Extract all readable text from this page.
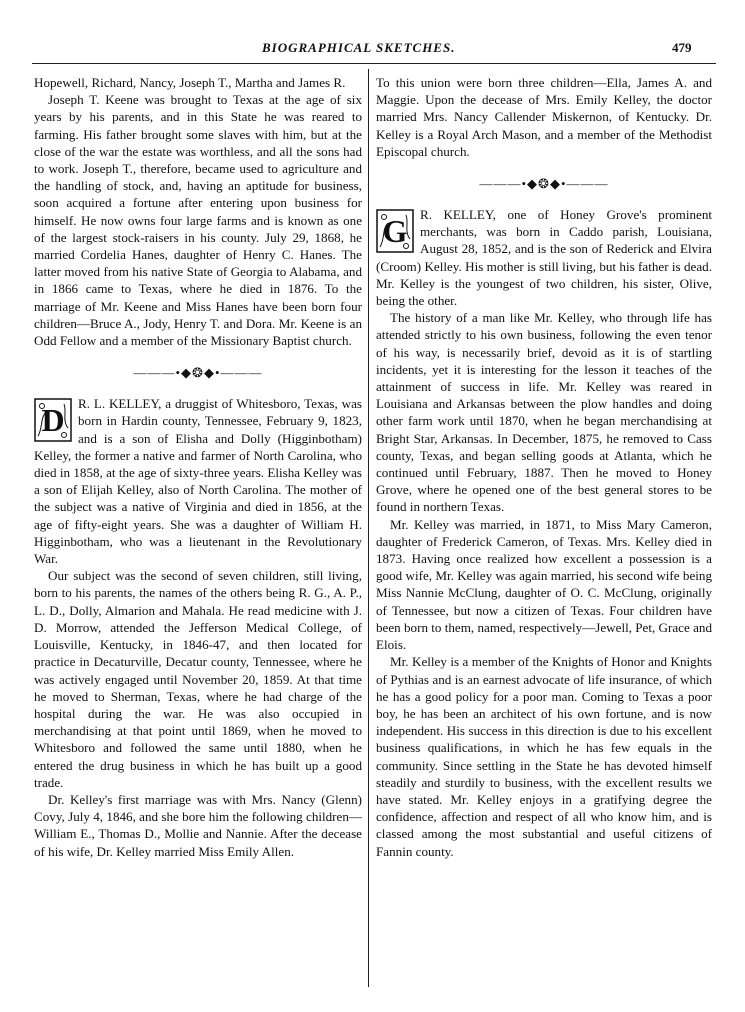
BIOGRAPHICAL SKETCHES.	479

Hopewell, Richard, Nancy, Joseph T., Martha and James R.

Joseph T. Keene was brought to Texas at the age of six years by his parents, and in this State he was reared to farming. His father brought some slaves with him, but at the close of the war the estate was worthless, and all the sons had to work. Joseph T., therefore, became used to agriculture and the handling of stock, and, having an aptitude for business, soon acquired a fortune after entering upon business for himself. He now owns four large farms and is known as one of the largest stock-raisers in his county. July 29, 1868, he married Cordelia Hanes, daughter of Henry C. Hanes. The latter moved from his native State of Georgia to Alabama, and in 1866 came to Texas, where he died in 1876. To the marriage of Mr. Keene and Miss Hanes have been born four children—Bruce A., Jody, Henry T. and Dora. Mr. Keene is an Odd Fellow and a member of the Missionary Baptist church.

———•◆❂◆•———

D R. L. KELLEY, a druggist of Whitesboro, Texas, was born in Hardin county, Tennessee, February 9, 1823, and is a son of Elisha and Dolly (Higginbotham) Kelley, the former a native and farmer of North Carolina, who died in 1858, at the age of sixty-three years. Elisha Kelley was a son of Elijah Kelley, also of North Carolina. The mother of the subject was a native of Virginia and died in 1856, at the age of fifty-eight years. She was a daughter of William H. Higginbotham, who was a lieutenant in the Revolutionary War.

Our subject was the second of seven children, still living, born to his parents, the names of the others being R. G., A. P., L. D., Dolly, Almarion and Mahala. He read medicine with J. D. Morrow, attended the Jefferson Medical College, of Louisville, Kentucky, in 1846-47, and then located for practice in Decaturville, Decatur county, Tennessee, where he was actively engaged until November 20, 1859. At that time he moved to Sherman, Texas, where he had charge of the hospital during the war. He was also occupied in merchandising at that point until 1869, when he moved to Whitesboro and followed the same until 1880, when he entered the drug business in which he has built up a good trade.

Dr. Kelley's first marriage was with Mrs. Nancy (Glenn) Covy, July 4, 1846, and she bore him the following children—William E., Thomas D., Mollie and Nannie. After the decease of his wife, Dr. Kelley married Miss Emily Allen.

To this union were born three children—Ella, James A. and Maggie. Upon the decease of Mrs. Emily Kelley, the doctor married Mrs. Nancy Callender Miskernon, of Kentucky. Dr. Kelley is a Royal Arch Mason, and a member of the Methodist Episcopal church.

———•◆❂◆•———

G R. KELLEY, one of Honey Grove's prominent merchants, was born in Caddo parish, Louisiana, August 28, 1852, and is the son of Rederick and Elvira (Croom) Kelley. His mother is still living, but his father is dead. Mr. Kelley is the youngest of two children, his sister, Olive, being the other.

The history of a man like Mr. Kelley, who through life has attended strictly to his own business, following the even tenor of his way, is necessarily brief, devoid as it is of startling incidents, yet it is interesting for the lesson it teaches of the attainment of success in life. Mr. Kelley was reared in Louisiana and Arkansas between the plow handles and doing other farm work until 1870, when he began merchandising at Bright Star, Arkansas. In December, 1875, he removed to Cass county, Texas, and began selling goods at Atlanta, which he continued until February, 1887. Then he moved to Honey Grove, where he opened one of the best general stores to be found in northern Texas.

Mr. Kelley was married, in 1871, to Miss Mary Cameron, daughter of Frederick Cameron, of Texas. Mrs. Kelley died in 1873. Having once realized how excellent a possession is a good wife, Mr. Kelley was again married, his second wife being Miss Nannie McClung, daughter of O. C. McClung, originally of Tennessee, but now a citizen of Texas. Four children have been born to them, named, respectively—Jewell, Pet, Grace and Elois.

Mr. Kelley is a member of the Knights of Honor and Knights of Pythias and is an earnest advocate of life insurance, of which he has a good policy for a poor man. Coming to Texas a poor boy, he has been an architect of his own fortune, and is now independent. His success in this direction is due to his excellent business qualifications, in which he has few equals in the community. Since settling in the State he has devoted himself steadily and sturdily to business, with the excellent results we have stated. Mr. Kelley enjoys in a gratifying degree the confidence, affection and respect of all who know him, and is classed among the most substantial and useful citizens of Fannin county.
